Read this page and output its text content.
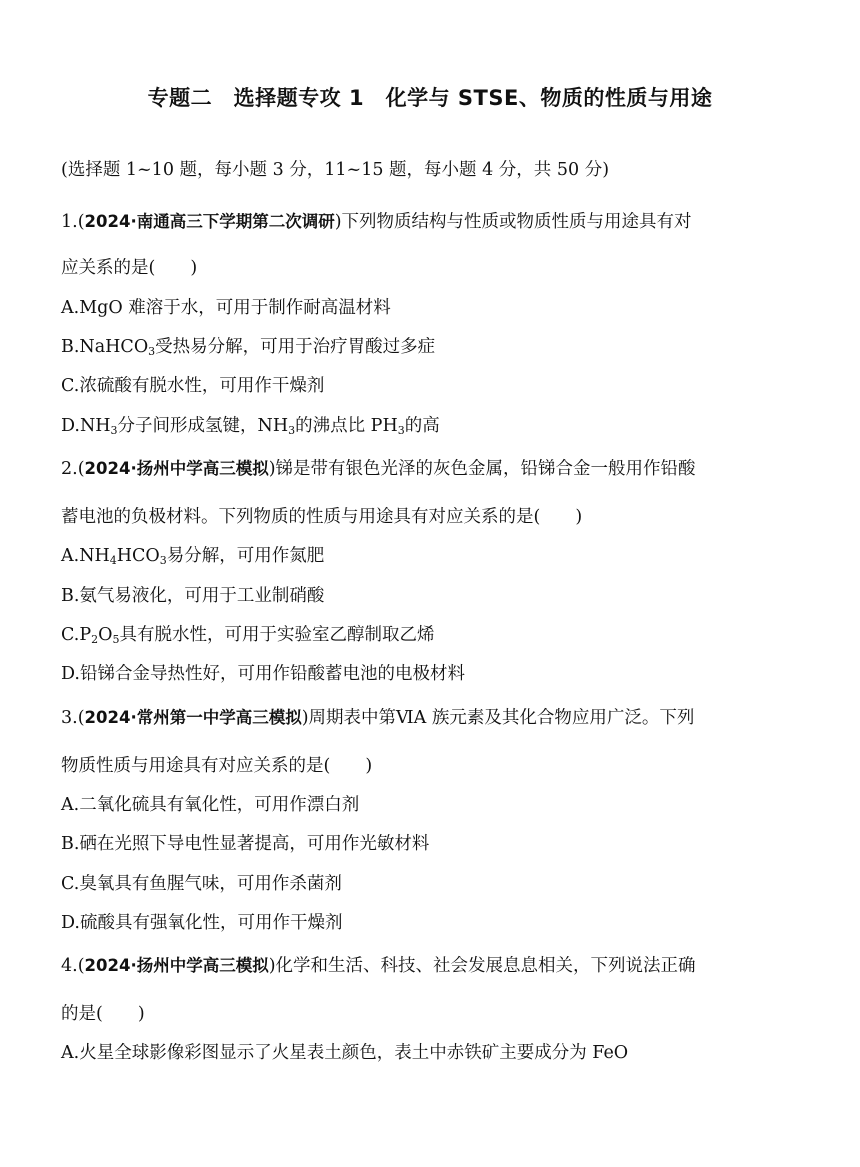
专题二　选择题专攻 1　化学与 STSE、物质的性质与用途
(选择题 1~10 题，每小题 3 分，11~15 题，每小题 4 分，共 50 分)
1.(2024·南通高三下学期第二次调研)下列物质结构与性质或物质性质与用途具有对
应关系的是(　　)
A.MgO 难溶于水，可用于制作耐高温材料
B.NaHCO$_3$受热易分解，可用于治疗胃酸过多症
C.浓硫酸有脱水性，可用作干燥剂
$D.NH_3$分子间形成氢键，$NH_3$的沸点比 $PH_3$的高
2.(2024·扬州中学高三模拟)锑是带有银色光泽的灰色金属，铅锑合金一般用作铅酸
蓄电池的负极材料。下列物质的性质与用途具有对应关系的是(　　)
$A.NH_4HCO_3$易分解，可用作氮肥
B.氨气易液化，可用于工业制硝酸
$C.P_2O_5$具有脱水性，可用于实验室乙醇制取乙烯
D.铅锑合金导热性好，可用作铅酸蓄电池的电极材料
3.(2024·常州第一中学高三模拟)周期表中第ⅥA 族元素及其化合物应用广泛。下列
物质性质与用途具有对应关系的是(　　)
A.二氧化硫具有氧化性，可用作漂白剂
B.硒在光照下导电性显著提高，可用作光敏材料
C.臭氧具有鱼腥气味，可用作杀菌剂
D.硫酸具有强氧化性，可用作干燥剂
4.(2024·扬州中学高三模拟)化学和生活、科技、社会发展息息相关，下列说法正确
的是(　　)
A.火星全球影像彩图显示了火星表土颜色，表土中赤铁矿主要成分为 FeO
